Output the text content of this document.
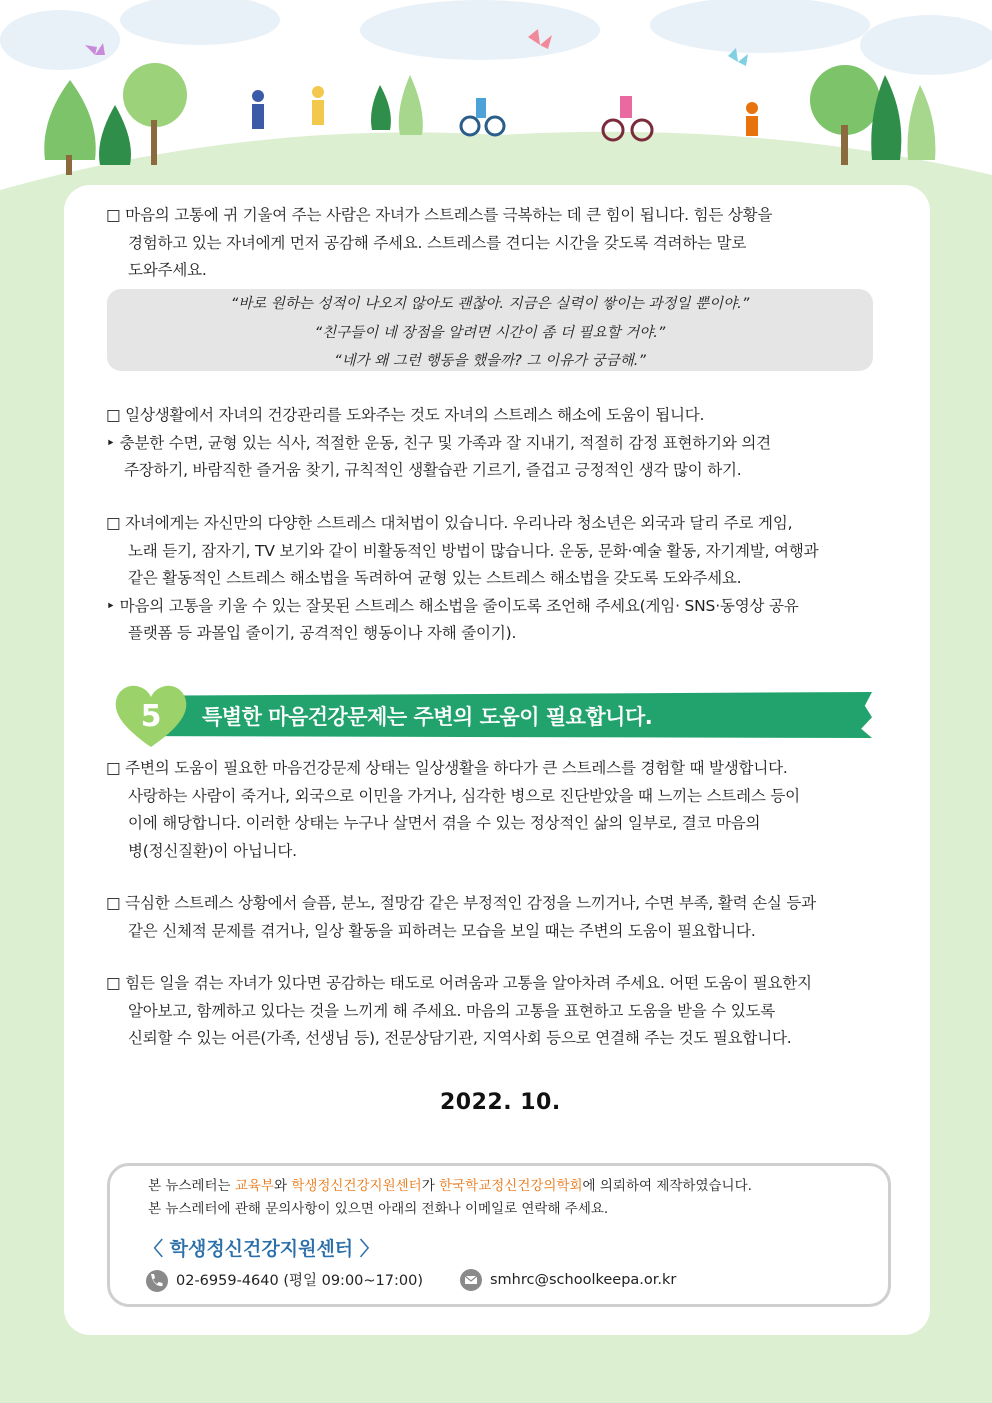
□ 마음의 고통에 귀 기울여 주는 사람은 자녀가 스트레스를 극복하는 데 큰 힘이 됩니다. 힘든 상황을
경험하고 있는 자녀에게 먼저 공감해 주세요. 스트레스를 견디는 시간을 갖도록 격려하는 말로
도와주세요.
“바로 원하는 성적이 나오지 않아도 괜찮아. 지금은 실력이 쌓이는 과정일 뿐이야.”
“친구들이 네 장점을 알려면 시간이 좀 더 필요할 거야.”
“네가 왜 그런 행동을 했을까? 그 이유가 궁금해.”
□ 일상생활에서 자녀의 건강관리를 도와주는 것도 자녀의 스트레스 해소에 도움이 됩니다.
‣ 충분한 수면, 균형 있는 식사, 적절한 운동, 친구 및 가족과 잘 지내기, 적절히 감정 표현하기와 의견
주장하기, 바람직한 즐거움 찾기, 규칙적인 생활습관 기르기, 즐겁고 긍정적인 생각 많이 하기.
□ 자녀에게는 자신만의 다양한 스트레스 대처법이 있습니다. 우리나라 청소년은 외국과 달리 주로 게임,
노래 듣기, 잠자기, TV 보기와 같이 비활동적인 방법이 많습니다. 운동, 문화·예술 활동, 자기계발, 여행과
같은 활동적인 스트레스 해소법을 독려하여 균형 있는 스트레스 해소법을 갖도록 도와주세요.
‣ 마음의 고통을 키울 수 있는 잘못된 스트레스 해소법을 줄이도록 조언해 주세요(게임· SNS·동영상 공유
플랫폼 등 과몰입 줄이기, 공격적인 행동이나 자해 줄이기).
5 특별한 마음건강문제는 주변의 도움이 필요합니다.
□ 주변의 도움이 필요한 마음건강문제 상태는 일상생활을 하다가 큰 스트레스를 경험할 때 발생합니다.
사랑하는 사람이 죽거나, 외국으로 이민을 가거나, 심각한 병으로 진단받았을 때 느끼는 스트레스 등이
이에 해당합니다. 이러한 상태는 누구나 살면서 겪을 수 있는 정상적인 삶의 일부로, 결코 마음의
병(정신질환)이 아닙니다.
□ 극심한 스트레스 상황에서 슬픔, 분노, 절망감 같은 부정적인 감정을 느끼거나, 수면 부족, 활력 손실 등과
같은 신체적 문제를 겪거나, 일상 활동을 피하려는 모습을 보일 때는 주변의 도움이 필요합니다.
□ 힘든 일을 겪는 자녀가 있다면 공감하는 태도로 어려움과 고통을 알아차려 주세요. 어떤 도움이 필요한지
알아보고, 함께하고 있다는 것을 느끼게 해 주세요. 마음의 고통을 표현하고 도움을 받을 수 있도록
신뢰할 수 있는 어른(가족, 선생님 등), 전문상담기관, 지역사회 등으로 연결해 주는 것도 필요합니다.
2022. 10.
본 뉴스레터는 교육부와 학생정신건강지원센터가 한국학교정신건강의학회에 의뢰하여 제작하였습니다.
본 뉴스레터에 관해 문의사항이 있으면 아래의 전화나 이메일로 연락해 주세요.
〈 학생정신건강지원센터 〉
02-6959-4640 (평일 09:00~17:00)	smhrc@schoolkeepa.or.kr
